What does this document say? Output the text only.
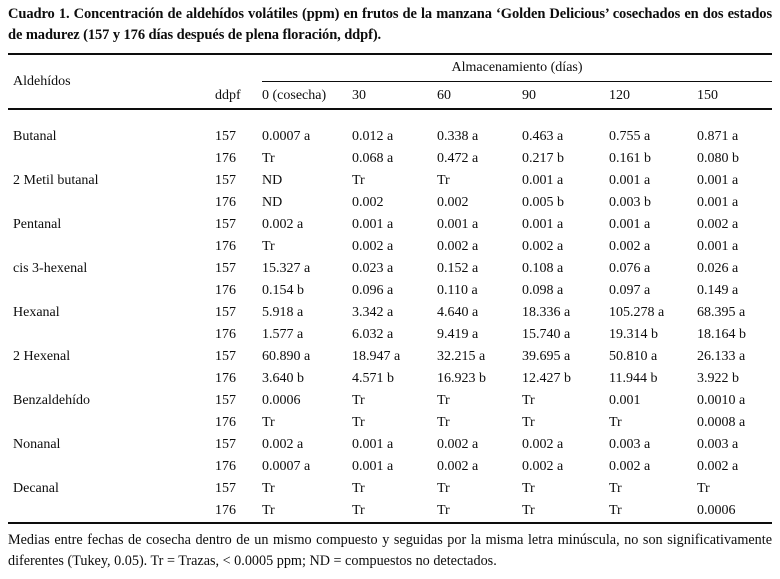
Cuadro 1. Concentración de aldehídos volátiles (ppm) en frutos de la manzana ‘Golden Delicious’ cosechados en dos estados de madurez (157 y 176 días después de plena floración, ddpf).

Aldehídos		Almacenamiento (días)					
	ddpf	0 (cosecha)	30	60	90	120	150
Butanal	157	0.0007 a	0.012 a	0.338 a	0.463 a	0.755 a	0.871 a
	176	Tr	0.068 a	0.472 a	0.217 b	0.161 b	0.080 b
2 Metil butanal	157	ND	Tr	Tr	0.001 a	0.001 a	0.001 a
	176	ND	0.002	0.002	0.005 b	0.003 b	0.001 a
Pentanal	157	0.002 a	0.001 a	0.001 a	0.001 a	0.001 a	0.002 a
	176	Tr	0.002 a	0.002 a	0.002 a	0.002 a	0.001 a
cis 3-hexenal	157	15.327 a	0.023 a	0.152 a	0.108 a	0.076 a	0.026 a
	176	0.154 b	0.096 a	0.110 a	0.098 a	0.097 a	0.149 a
Hexanal	157	5.918 a	3.342 a	4.640 a	18.336 a	105.278 a	68.395 a
	176	1.577 a	6.032 a	9.419 a	15.740 a	19.314 b	18.164 b
2 Hexenal	157	60.890 a	18.947 a	32.215 a	39.695 a	50.810 a	26.133 a
	176	3.640 b	4.571 b	16.923 b	12.427 b	11.944 b	3.922 b
Benzaldehído	157	0.0006	Tr	Tr	Tr	0.001	0.0010 a
	176	Tr	Tr	Tr	Tr	Tr	0.0008 a
Nonanal	157	0.002 a	0.001 a	0.002 a	0.002 a	0.003 a	0.003 a
	176	0.0007 a	0.001 a	0.002 a	0.002 a	0.002 a	0.002 a
Decanal	157	Tr	Tr	Tr	Tr	Tr	Tr
	176	Tr	Tr	Tr	Tr	Tr	0.0006

Medias entre fechas de cosecha dentro de un mismo compuesto y seguidas por la misma letra minúscula, no son significativamente diferentes (Tukey, 0.05). Tr = Trazas, < 0.0005 ppm; ND = compuestos no detectados.
